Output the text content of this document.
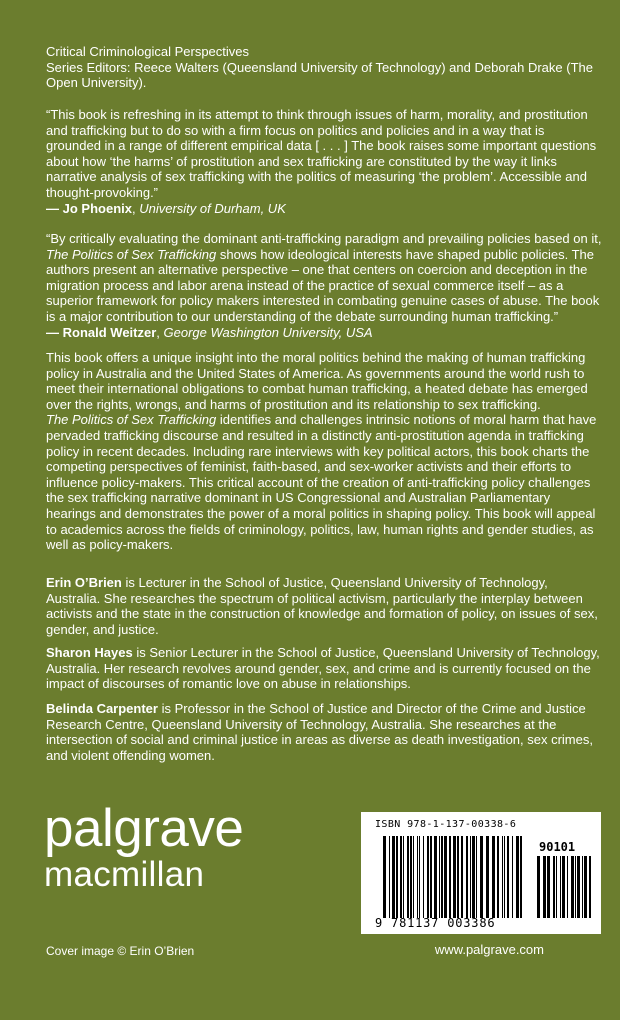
Critical Criminological Perspectives

Series Editors: Reece Walters (Queensland University of Technology) and Deborah Drake (The Open University).

“This book is refreshing in its attempt to think through issues of harm, morality, and prostitution and trafficking but to do so with a firm focus on politics and policies and in a way that is grounded in a range of different empirical data [ . . . ] The book raises some important questions about how ‘the harms’ of prostitution and sex trafficking are constituted by the way it links narrative analysis of sex trafficking with the politics of measuring ‘the problem’. Accessible and thought-provoking.”

— Jo Phoenix, University of Durham, UK

“By critically evaluating the dominant anti-trafficking paradigm and prevailing policies based on it, The Politics of Sex Trafficking shows how ideological interests have shaped public policies. The authors present an alternative perspective – one that centers on coercion and deception in the migration process and labor arena instead of the practice of sexual commerce itself – as a superior framework for policy makers interested in combating genuine cases of abuse. The book is a major contribution to our understanding of the debate surrounding human trafficking.”

— Ronald Weitzer, George Washington University, USA

This book offers a unique insight into the moral politics behind the making of human trafficking policy in Australia and the United States of America. As governments around the world rush to meet their international obligations to combat human trafficking, a heated debate has emerged over the rights, wrongs, and harms of prostitution and its relationship to sex trafficking.

The Politics of Sex Trafficking identifies and challenges intrinsic notions of moral harm that have pervaded trafficking discourse and resulted in a distinctly anti-prostitution agenda in trafficking policy in recent decades. Including rare interviews with key political actors, this book charts the competing perspectives of feminist, faith-based, and sex-worker activists and their efforts to influence policy-makers. This critical account of the creation of anti-trafficking policy challenges the sex trafficking narrative dominant in US Congressional and Australian Parliamentary hearings and demonstrates the power of a moral politics in shaping policy. This book will appeal to academics across the fields of criminology, politics, law, human rights and gender studies, as well as policy-makers.

Erin O’Brien is Lecturer in the School of Justice, Queensland University of Technology, Australia. She researches the spectrum of political activism, particularly the interplay between activists and the state in the construction of knowledge and formation of policy, on issues of sex, gender, and justice.

Sharon Hayes is Senior Lecturer in the School of Justice, Queensland University of Technology, Australia. Her research revolves around gender, sex, and crime and is currently focused on the impact of discourses of romantic love on abuse in relationships.

Belinda Carpenter is Professor in the School of Justice and Director of the Crime and Justice Research Centre, Queensland University of Technology, Australia. She researches at the intersection of social and criminal justice in areas as diverse as death investigation, sex crimes, and violent offending women.

palgrave
macmillan
ISBN 978-1-137-00338-6
90101
9 781137 003386
Cover image © Erin O’Brien	www.palgrave.com
